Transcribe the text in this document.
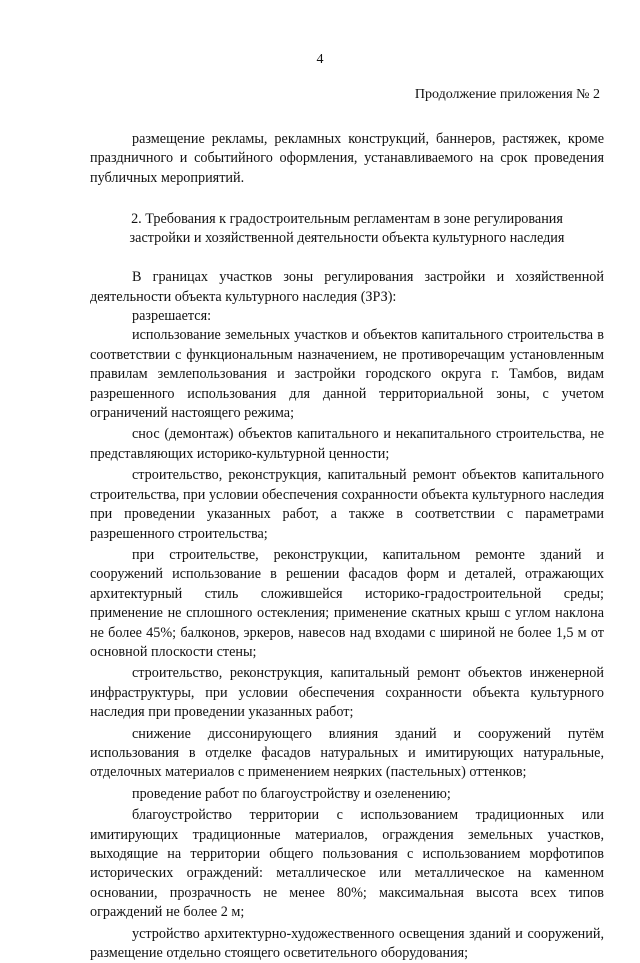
4
Продолжение приложения № 2

размещение рекламы, рекламных конструкций, баннеров, растяжек, кроме праздничного и событийного оформления, устанавливаемого на срок проведения публичных мероприятий.

2. Требования к градостроительным регламентам в зоне регулирования застройки и хозяйственной деятельности объекта культурного наследия

В границах участков зоны регулирования застройки и хозяйственной деятельности объекта культурного наследия (ЗРЗ):

разрешается:

использование земельных участков и объектов капитального строительства в соответствии с функциональным назначением, не противоречащим установленным правилам землепользования и застройки городского округа г. Тамбов, видам разрешенного использования для данной территориальной зоны, с учетом ограничений настоящего режима;

снос (демонтаж) объектов капитального и некапитального строительства, не представляющих историко-культурной ценности;

строительство, реконструкция, капитальный ремонт объектов капитального строительства, при условии обеспечения сохранности объекта культурного наследия при проведении указанных работ, а также в соответствии с параметрами разрешенного строительства;

при строительстве, реконструкции, капитальном ремонте зданий и сооружений использование в решении фасадов форм и деталей, отражающих архитектурный стиль сложившейся историко-градостроительной среды; применение не сплошного остекления; применение скатных крыш с углом наклона не более 45%; балконов, эркеров, навесов над входами с шириной не более 1,5 м от основной плоскости стены;

строительство, реконструкция, капитальный ремонт объектов инженерной инфраструктуры, при условии обеспечения сохранности объекта культурного наследия при проведении указанных работ;

снижение диссонирующего влияния зданий и сооружений путём использования в отделке фасадов натуральных и имитирующих натуральные, отделочных материалов с применением неярких (пастельных) оттенков;

проведение работ по благоустройству и озеленению;

благоустройство территории с использованием традиционных или имитирующих традиционные материалов, ограждения земельных участков, выходящие на территории общего пользования с использованием морфотипов исторических ограждений: металлическое или металлическое на каменном основании, прозрачность не менее 80%; максимальная высота всех типов ограждений не более 2 м;

устройство архитектурно-художественного освещения зданий и сооружений, размещение отдельно стоящего осветительного оборудования;
